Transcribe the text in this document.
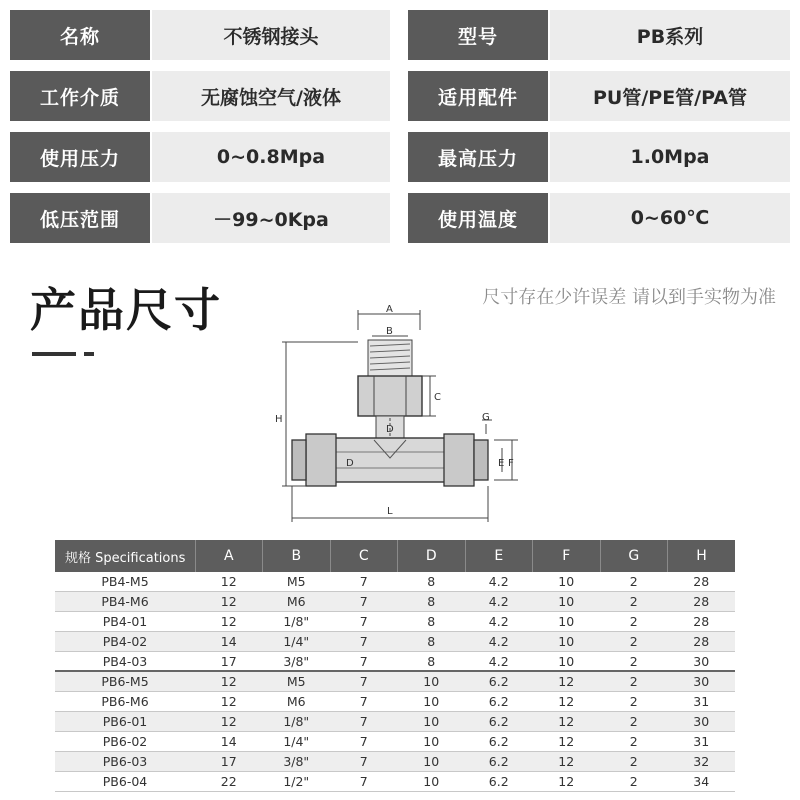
名称	不锈钢接头	型号	PB系列
工作介质	无腐蚀空气/液体	适用配件	PU管/PE管/PA管
使用压力	0~0.8Mpa	最高压力	1.0Mpa
低压范围	－99~0Kpa	使用温度	0~60℃
产品尺寸	尺寸存在少许误差 请以到手实物为准
A
B
C
D
D
G
E F
H
L
规格 Specifications	A	B	C	D	E	F	G	H
PB4-M5	12	M5	7	8	4.2	10	2	28
PB4-M6	12	M6	7	8	4.2	10	2	28
PB4-01	12	1/8"	7	8	4.2	10	2	28
PB4-02	14	1/4"	7	8	4.2	10	2	28
PB4-03	17	3/8"	7	8	4.2	10	2	30
PB6-M5	12	M5	7	10	6.2	12	2	30
PB6-M6	12	M6	7	10	6.2	12	2	31
PB6-01	12	1/8"	7	10	6.2	12	2	30
PB6-02	14	1/4"	7	10	6.2	12	2	31
PB6-03	17	3/8"	7	10	6.2	12	2	32
PB6-04	22	1/2"	7	10	6.2	12	2	34
